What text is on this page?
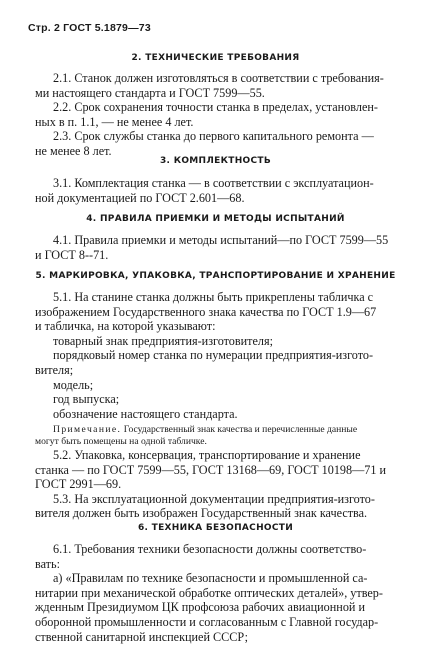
Стр. 2 ГОСТ 5.1879—73
2. ТЕХНИЧЕСКИЕ ТРЕБОВАНИЯ
2.1. Станок должен изготовляться в соответствии с требования-
ми настоящего стандарта и ГОСТ 7599—55.
2.2. Срок сохранения точности станка в пределах, установлен-
ных в п. 1.1, — не менее 4 лет.
2.3. Срок службы станка до первого капитального ремонта —
не менее 8 лет.
3. КОМПЛЕКТНОСТЬ
3.1. Комплектация станка — в соответствии с эксплуатацион-
ной документацией по ГОСТ 2.601—68.
4. ПРАВИЛА ПРИЕМКИ И МЕТОДЫ ИСПЫТАНИЙ
4.1. Правила приемки и методы испытаний—по ГОСТ 7599—55
и ГОСТ 8--71.
5. МАРКИРОВКА, УПАКОВКА, ТРАНСПОРТИРОВАНИЕ И ХРАНЕНИЕ
5.1. На станине станка должны быть прикреплены табличка с
изображением Государственного знака качества по ГОСТ 1.9—67
и табличка, на которой указывают:
товарный знак предприятия-изготовителя;
порядковый номер станка по нумерации предприятия-изгото-
вителя;
модель;
год выпуска;
обозначение настоящего стандарта.
Примечание. Государственный знак качества и перечисленные данные
могут быть помещены на одной табличке.
5.2. Упаковка, консервация, транспортирование и хранение
станка — по ГОСТ 7599—55, ГОСТ 13168—69, ГОСТ 10198—71 и
ГОСТ 2991—69.
5.3. На эксплуатационной документации предприятия-изгото-
вителя должен быть изображен Государственный знак качества.
6. ТЕХНИКА БЕЗОПАСНОСТИ
6.1. Требования техники безопасности должны соответство-
вать:
а) «Правилам по технике безопасности и промышленной са-
нитарии при механической обработке оптических деталей», утвер-
жденным Президиумом ЦК профсоюза рабочих авиационной и
оборонной промышленности и согласованным с Главной государ-
ственной санитарной инспекцией СССР;
